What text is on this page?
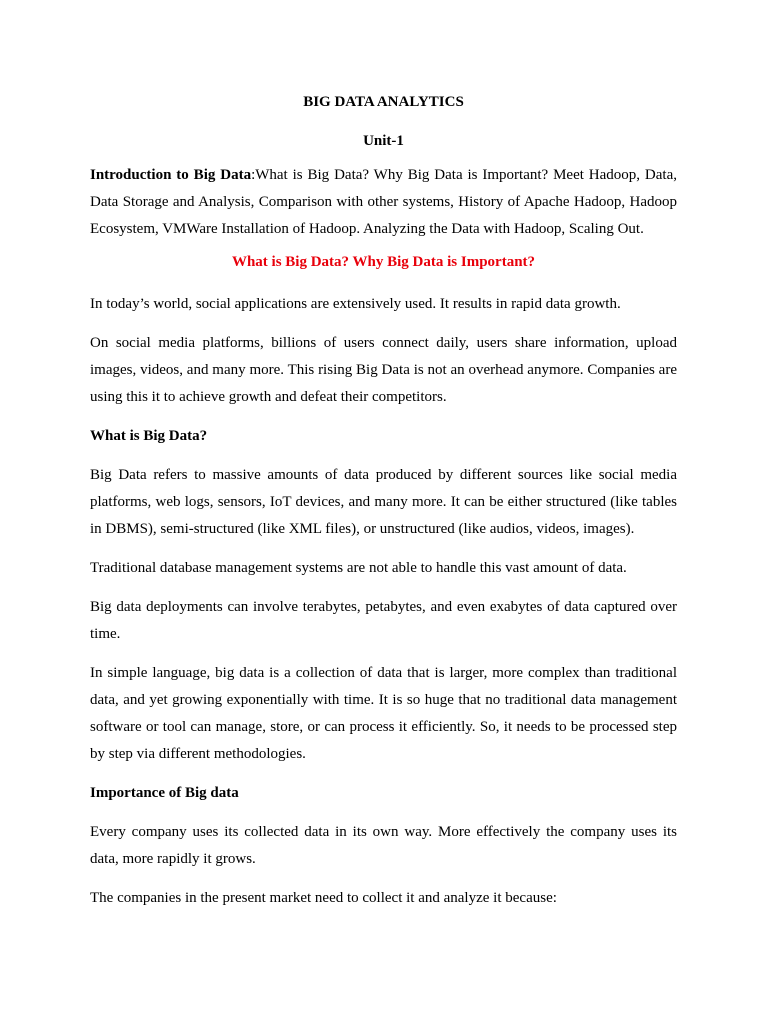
BIG DATA ANALYTICS
Unit-1

Introduction to Big Data:What is Big Data? Why Big Data is Important? Meet Hadoop, Data, Data Storage and Analysis, Comparison with other systems, History of Apache Hadoop, Hadoop Ecosystem, VMWare Installation of Hadoop. Analyzing the Data with Hadoop, Scaling Out.

What is Big Data? Why Big Data is Important?

In today’s world, social applications are extensively used. It results in rapid data growth.

On social media platforms, billions of users connect daily, users share information, upload images, videos, and many more. This rising Big Data is not an overhead anymore. Companies are using this it to achieve growth and defeat their competitors.

What is Big Data?

Big Data refers to massive amounts of data produced by different sources like social media platforms, web logs, sensors, IoT devices, and many more. It can be either structured (like tables in DBMS), semi-structured (like XML files), or unstructured (like audios, videos, images).

Traditional database management systems are not able to handle this vast amount of data.

Big data deployments can involve terabytes, petabytes, and even exabytes of data captured over time.

In simple language, big data is a collection of data that is larger, more complex than traditional data, and yet growing exponentially with time. It is so huge that no traditional data management software or tool can manage, store, or can process it efficiently. So, it needs to be processed step by step via different methodologies.

Importance of Big data

Every company uses its collected data in its own way. More effectively the company uses its data, more rapidly it grows.

The companies in the present market need to collect it and analyze it because:
